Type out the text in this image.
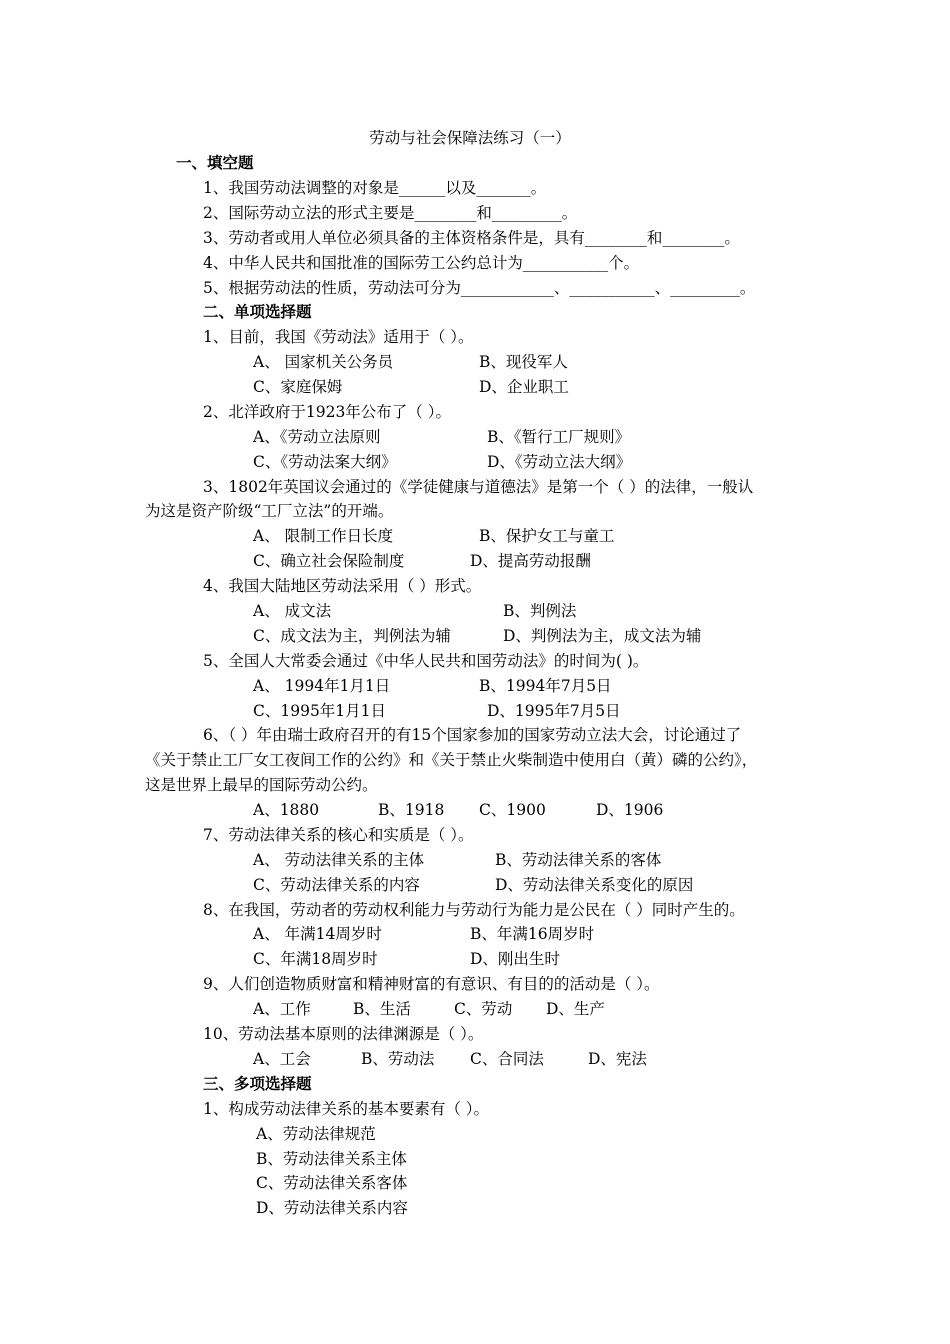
劳动与社会保障法练习（一）
一、填空题
1、我国劳动法调整的对象是______以及_______。
2、国际劳动立法的形式主要是________和_________。
3、劳动者或用人单位必须具备的主体资格条件是，具有________和________。
4、中华人民共和国批准的国际劳工公约总计为___________个。
5、根据劳动法的性质，劳动法可分为____________、___________、_________。
二、单项选择题
1、目前，我国《劳动法》适用于（ ）。
A、 国家机关公务员	B、现役军人
C、家庭保姆	D、企业职工
2、北洋政府于1923年公布了（ ）。
A、《劳动立法原则	B、《暂行工厂规则》
C、《劳动法案大纲》	D、《劳动立法大纲》
3、1802年英国议会通过的《学徒健康与道德法》是第一个（ ）的法律，一般认
为这是资产阶级“工厂立法”的开端。
A、 限制工作日长度	B、保护女工与童工
C、确立社会保险制度	D、提高劳动报酬
4、我国大陆地区劳动法采用（ ）形式。
A、 成文法	B、判例法
C、成文法为主，判例法为辅	D、判例法为主，成文法为辅
5、全国人大常委会通过《中华人民共和国劳动法》的时间为( )。
A、 1994年1月1日	B、1994年7月5日
C、1995年1月1日	D、1995年7月5日
6、（ ）年由瑞士政府召开的有15个国家参加的国家劳动立法大会，讨论通过了
《关于禁止工厂女工夜间工作的公约》和《关于禁止火柴制造中使用白（黄）磷的公约》，
这是世界上最早的国际劳动公约。
A、1880	B、1918 C、1900	D、1906
7、劳动法律关系的核心和实质是（ ）。
A、 劳动法律关系的主体	B、劳动法律关系的客体
C、劳动法律关系的内容	D、劳动法律关系变化的原因
8、在我国，劳动者的劳动权利能力与劳动行为能力是公民在（ ）同时产生的。
A、 年满14周岁时	B、年满16周岁时
C、年满18周岁时	D、刚出生时
9、人们创造物质财富和精神财富的有意识、有目的的活动是（ ）。
A、工作	B、生活	C、劳动 D、生产
10、劳动法基本原则的法律渊源是（ ）。
A、工会	B、劳动法 C、合同法	D、宪法
三、多项选择题
1、构成劳动法律关系的基本要素有（ ）。
A、劳动法律规范
B、劳动法律关系主体
C、劳动法律关系客体
D、劳动法律关系内容
